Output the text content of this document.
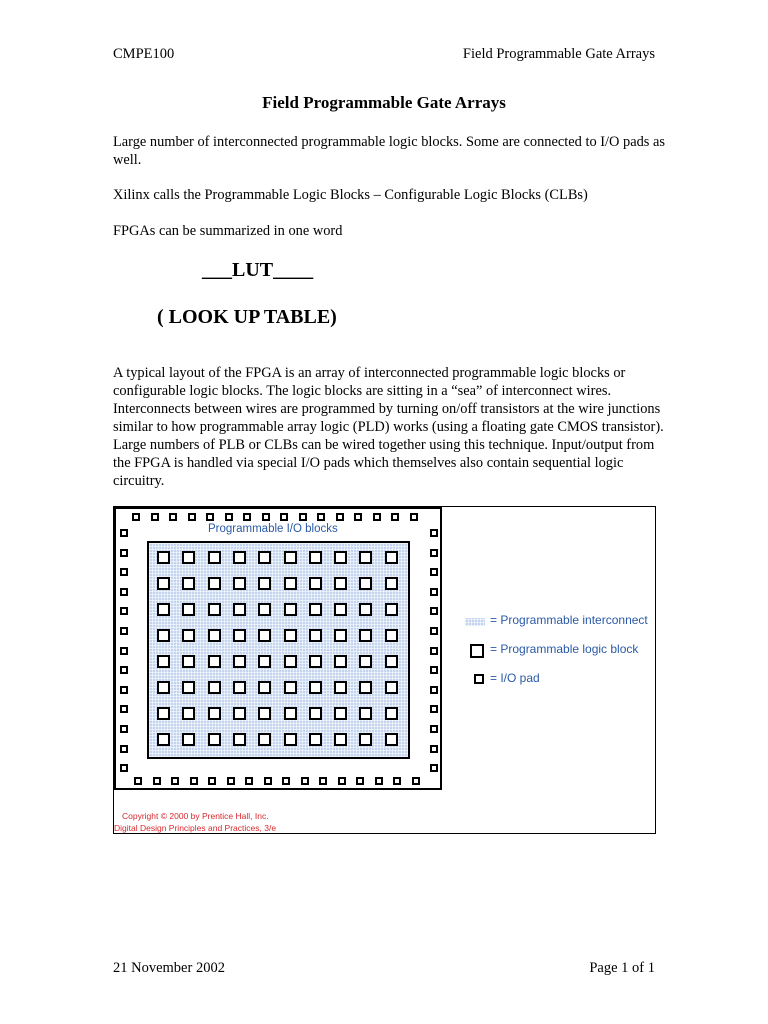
CMPE100	Field Programmable Gate Arrays
Field Programmable Gate Arrays
Large number of interconnected programmable logic blocks. Some are connected to I/O pads as well.
Xilinx calls the Programmable Logic Blocks – Configurable Logic Blocks (CLBs)
FPGAs can be summarized in one word
___LUT____
( LOOK UP TABLE)
A typical layout of the FPGA is an array of interconnected programmable logic blocks or configurable logic blocks. The logic blocks are sitting in a “sea” of interconnect wires. Interconnects between wires are programmed by turning on/off transistors at the wire junctions similar to how programmable array logic (PLD) works (using a floating gate CMOS transistor). Large numbers of PLB or CLBs can be wired together using this technique. Input/output from the FPGA is handled via special I/O pads which themselves also contain sequential logic circuitry.
Programmable I/O blocks
= Programmable interconnect
= Programmable logic block
= I/O pad
Copyright © 2000 by Prentice Hall, Inc.
Digital Design Principles and Practices, 3/e
21 November 2002	Page 1 of 1
